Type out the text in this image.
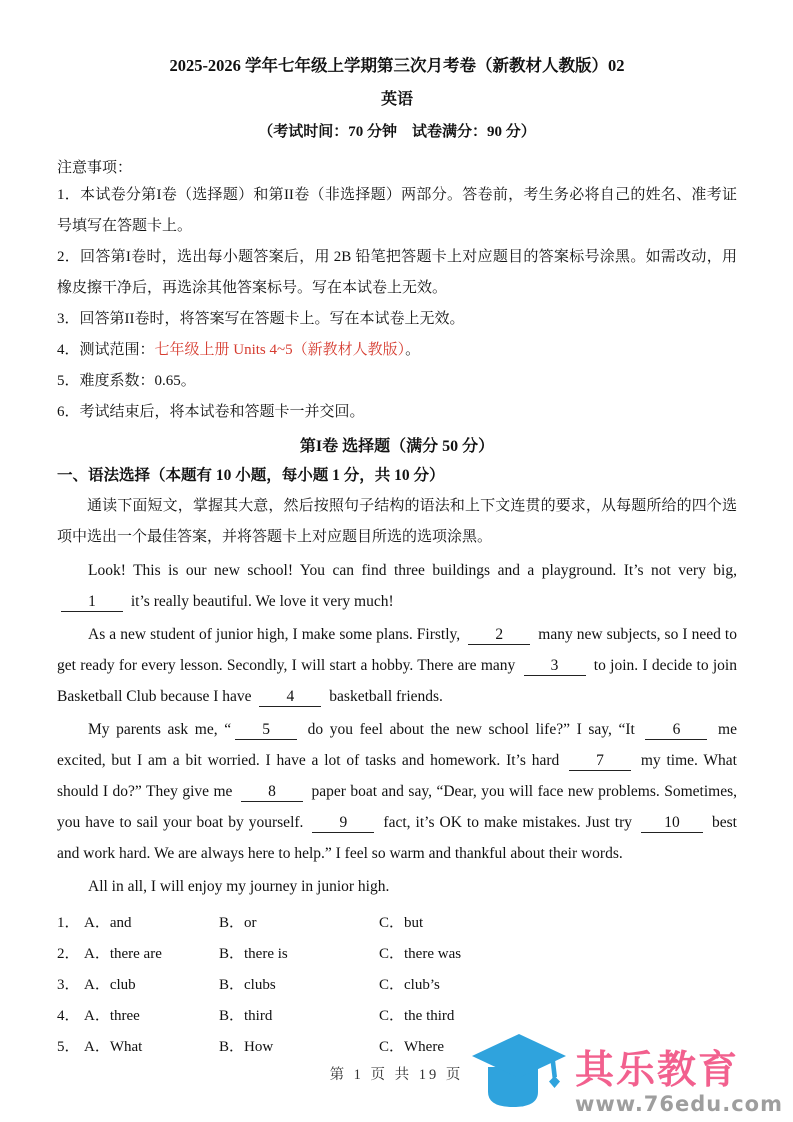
2025-2026 学年七年级上学期第三次月考卷（新教材人教版）02
英语
（考试时间：70 分钟　试卷满分：90 分）
注意事项：

1．本试卷分第I卷（选择题）和第II卷（非选择题）两部分。答卷前，考生务必将自己的姓名、准考证号填写在答题卡上。

2．回答第I卷时，选出每小题答案后，用 2B 铅笔把答题卡上对应题目的答案标号涂黑。如需改动，用橡皮擦干净后，再选涂其他答案标号。写在本试卷上无效。

3．回答第II卷时，将答案写在答题卡上。写在本试卷上无效。

4．测试范围：七年级上册 Units 4~5（新教材人教版）。

5．难度系数：0.65。

6．考试结束后，将本试卷和答题卡一并交回。

第I卷 选择题（满分 50 分）
一、语法选择（本题有 10 小题，每小题 1 分，共 10 分）

通读下面短文，掌握其大意，然后按照句子结构的语法和上下文连贯的要求，从每题所给的四个选项中选出一个最佳答案，并将答题卡上对应题目所选的选项涂黑。

Look! This is our new school! You can find three buildings and a playground. It’s not very big, 1 it’s really beautiful. We love it very much!

As a new student of junior high, I make some plans. Firstly, 2 many new subjects, so I need to get ready for every lesson. Secondly, I will start a hobby. There are many 3 to join. I decide to join Basketball Club because I have 4 basketball friends.

My parents ask me, “ 5 do you feel about the new school life?” I say, “It 6 me excited, but I am a bit worried. I have a lot of tasks and homework. It’s hard 7 my time. What should I do?” They give me 8 paper boat and say, “Dear, you will face new problems. Sometimes, you have to sail your boat by yourself. 9 fact, it’s OK to make mistakes. Just try 10 best and work hard. We are always here to help.” I feel so warm and thankful about their words.

All in all, I will enjoy my journey in junior high.

1． A．and	B．or	C．but
2． A．there are	B．there is	C．there was
3． A．club	B．clubs	C．club’s
4． A．three	B．third	C．the third
5． A．What	B．How	C．Where
第 1 页 共 19 页	其乐教育
www.76edu.com
